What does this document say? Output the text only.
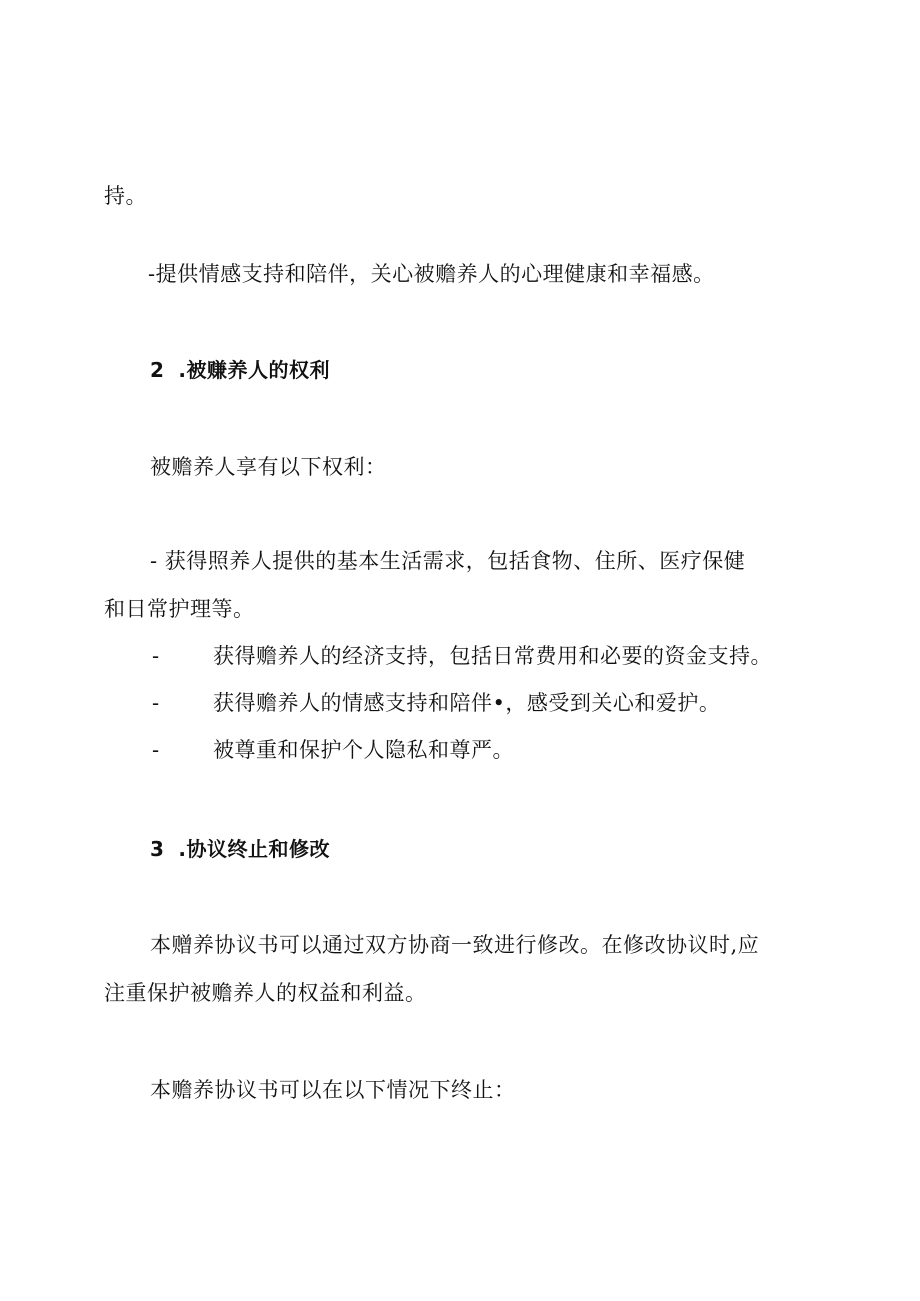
持。

-提供情感支持和陪伴，关心被赡养人的心理健康和幸福感。

2 .被赚养人的权利

被赡养人享有以下权利：

- 获得照养人提供的基本生活需求，包括食物、住所、医疗保健

和日常护理等。

-	获得赡养人的经济支持，包括日常费用和必要的资金支持。

-	获得赡养人的情感支持和陪伴•，感受到关心和爱护。

-	被尊重和保护个人隐私和尊严。

3 .协议终止和修改

本赠养协议书可以通过双方协商一致进行修改。在修改协议时,应

注重保护被赡养人的权益和利益。

本赡养协议书可以在以下情况下终止：
